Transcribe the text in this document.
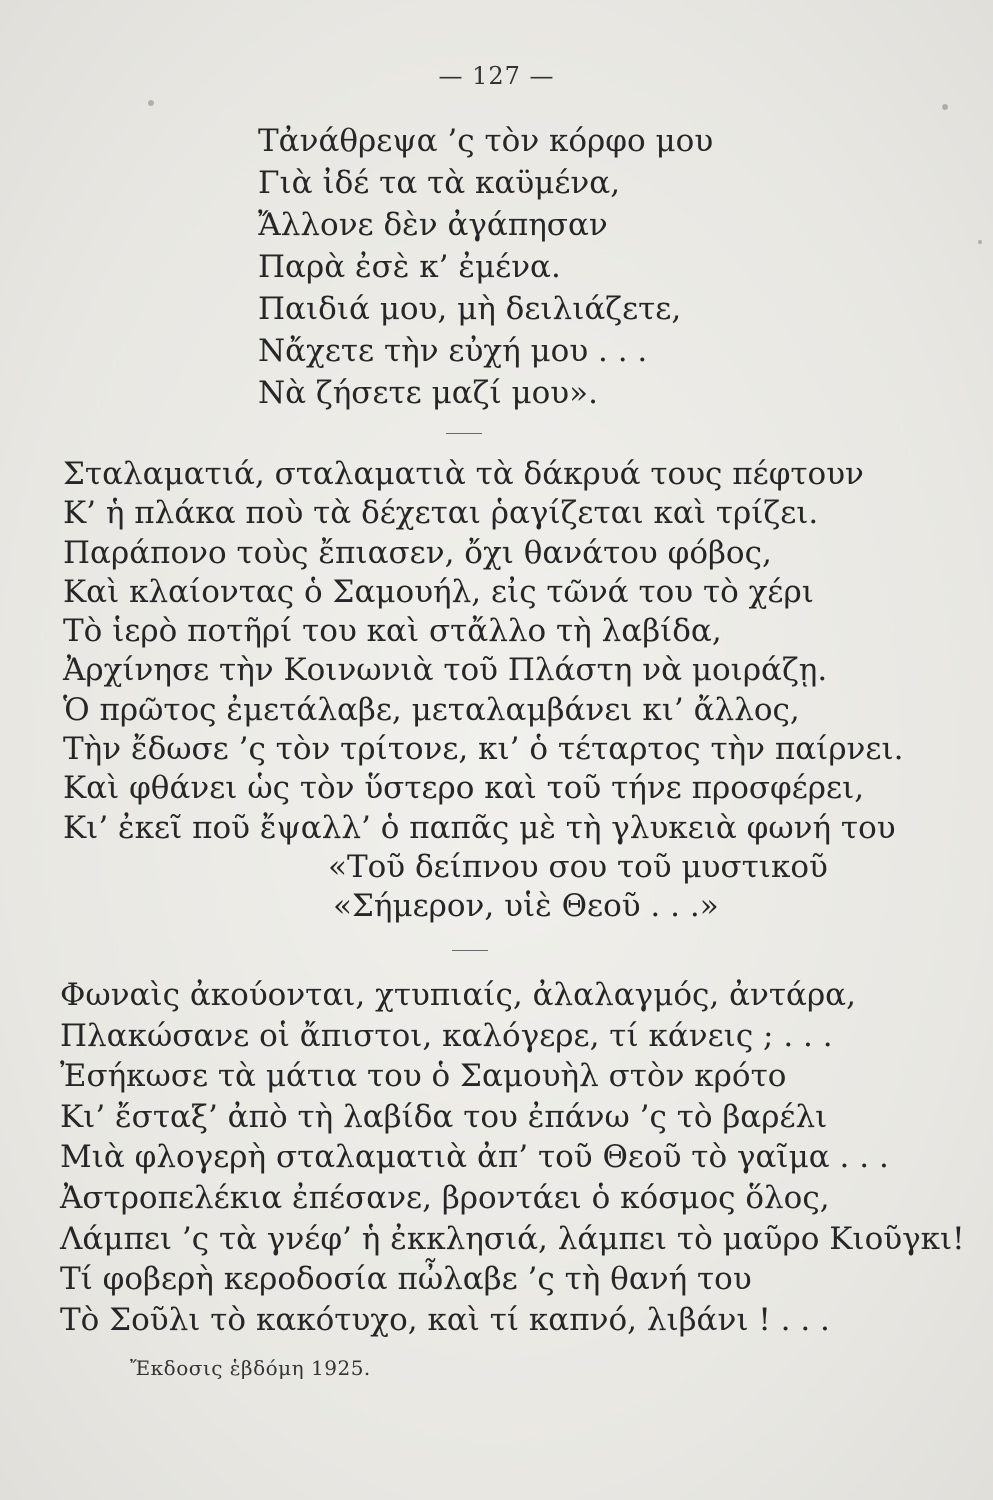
— 127 —
Τἀνάθρεψα ’ς τὸν κόρφο μου
Γιὰ ἰδέ τα τὰ καϋμένα,
Ἄλλονε δὲν ἀγάπησαν
Παρὰ ἐσὲ κ’ ἐμένα.
Παιδιά μου, μὴ δειλιάζετε,
Νἄχετε τὴν εὐχή μου . . .
Νὰ ζήσετε μαζί μου».
Σταλαματιά, σταλαματιὰ τὰ δάκρυά τους πέφτουν
Κ’ ἡ πλάκα ποὺ τὰ δέχεται ῥαγίζεται καὶ τρίζει.
Παράπονο τοὺς ἔπιασεν, ὄχι θανάτου φόβος,
Καὶ κλαίοντας ὁ Σαμουήλ, εἰς τῶνά του τὸ χέρι
Τὸ ἱερὸ ποτῆρί του καὶ στἄλλο τὴ λαβίδα,
Ἀρχίνησε τὴν Κοινωνιὰ τοῦ Πλάστη νὰ μοιράζῃ.
Ὁ πρῶτος ἐμετάλαβε, μεταλαμβάνει κι’ ἄλλος,
Τὴν ἔδωσε ’ς τὸν τρίτονε, κι’ ὁ τέταρτος τὴν παίρνει.
Καὶ φθάνει ὡς τὸν ὕστερο καὶ τοῦ τήνε προσφέρει,
Κι’ ἐκεῖ ποῦ ἔψαλλ’ ὁ παπᾶς μὲ τὴ γλυκειὰ φωνή του
«Τοῦ δείπνου σου τοῦ μυστικοῦ
«Σήμερον, υἱὲ Θεοῦ . . .»
Φωναὶς ἀκούονται, χτυπιαίς, ἀλαλαγμός, ἀντάρα,
Πλακώσανε οἱ ἄπιστοι, καλόγερε, τί κάνεις ; . . .
Ἐσήκωσε τὰ μάτια του ὁ Σαμουὴλ στὸν κρότο
Κι’ ἔσταξ’ ἀπὸ τὴ λαβίδα του ἐπάνω ’ς τὸ βαρέλι
Μιὰ φλογερὴ σταλαματιὰ ἀπ’ τοῦ Θεοῦ τὸ γαῖμα . . .
Ἀστροπελέκια ἐπέσανε, βροντάει ὁ κόσμος ὅλος,
Λάμπει ’ς τὰ γνέφ’ ἡ ἐκκλησιά, λάμπει τὸ μαῦρο Κιοῦγκι!
Τί φοβερὴ κεροδοσία πὦλαβε ’ς τὴ θανή του
Τὸ Σοῦλι τὸ κακότυχο, καὶ τί καπνό, λιβάνι ! . . .
Ἔκδοσις ἑβδόμη 1925.
